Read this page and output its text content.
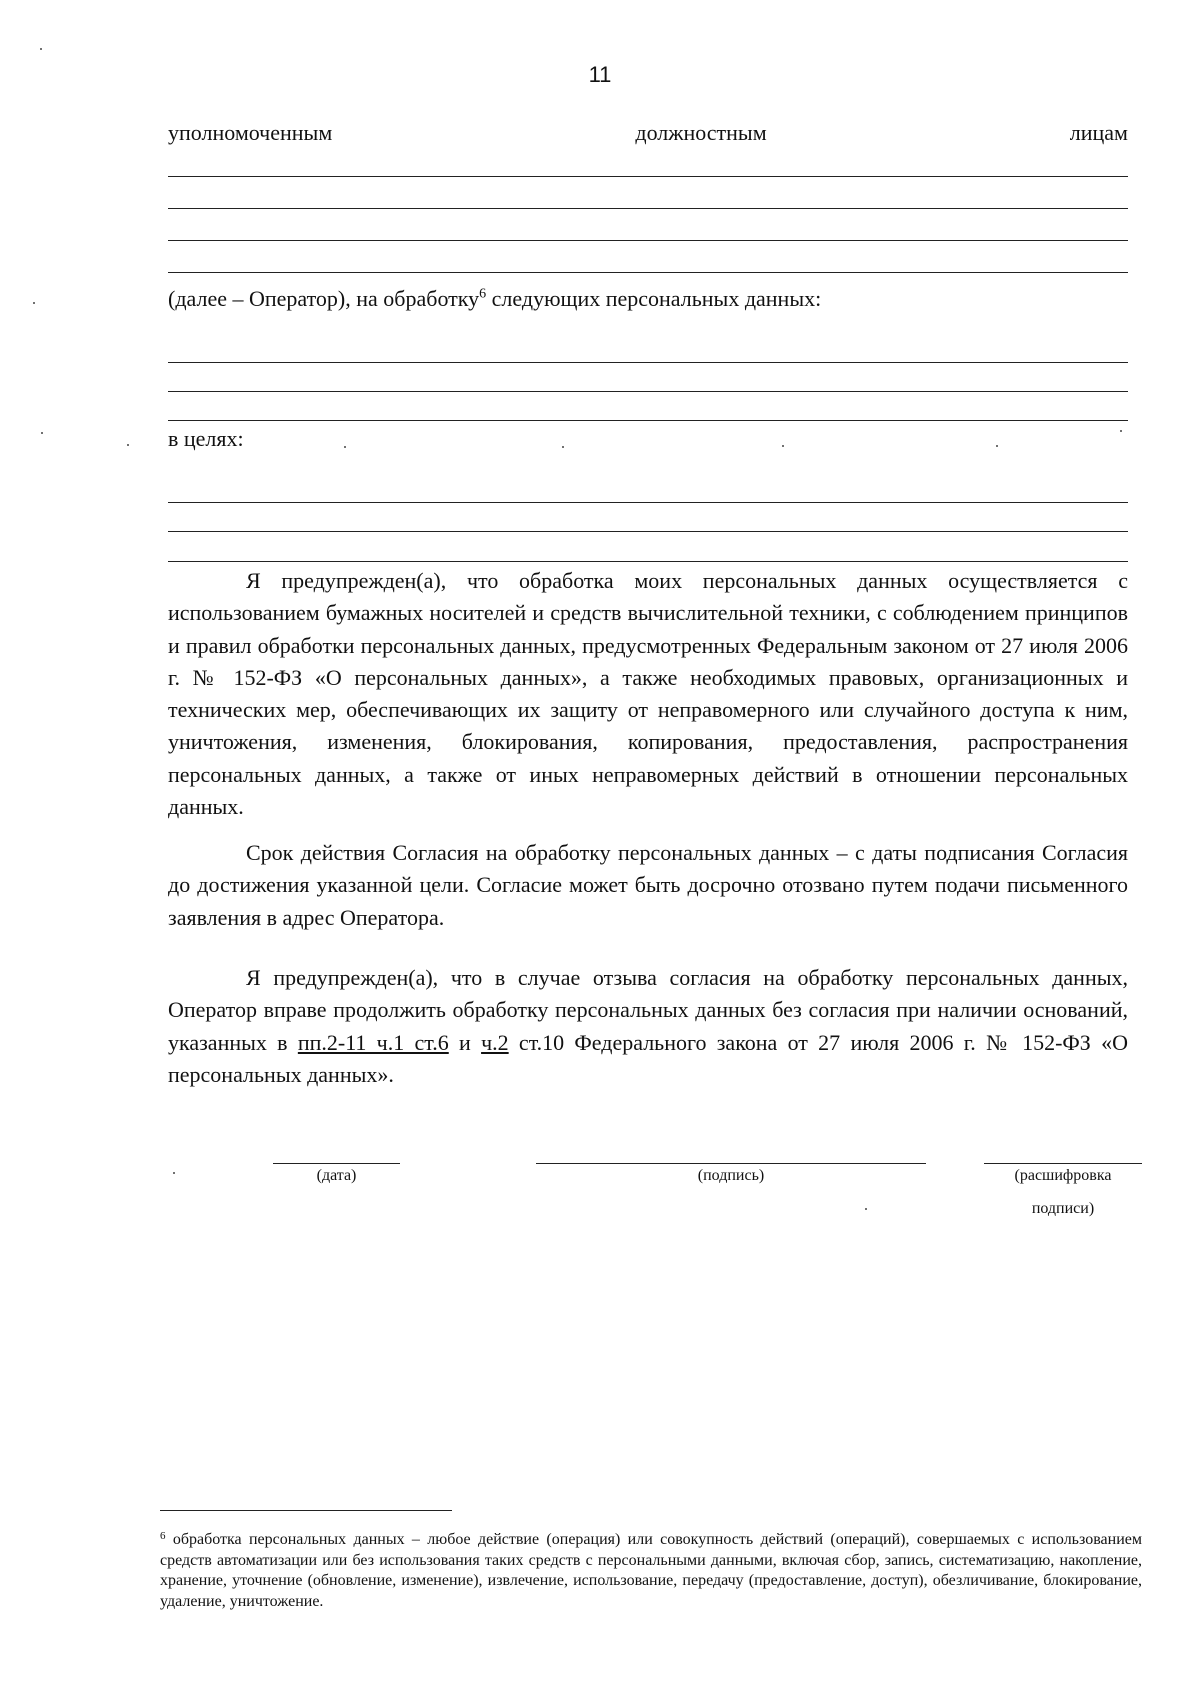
11
уполномоченным	должностным	лицам
(далее – Оператор), на обработку$^6$ следующих персональных данных:
в целях:
Я предупрежден(а), что обработка моих персональных данных осуществляется с использованием бумажных носителей и средств вычислительной техники, с соблюдением принципов и правил обработки персональных данных, предусмотренных Федеральным законом от 27 июля 2006 г. № 152-ФЗ «О персональных данных», а также необходимых правовых, организационных и технических мер, обеспечивающих их защиту от неправомерного или случайного доступа к ним, уничтожения, изменения, блокирования, копирования, предоставления, распространения персональных данных, а также от иных неправомерных действий в отношении персональных данных.
Срок действия Согласия на обработку персональных данных – с даты подписания Согласия до достижения указанной цели. Согласие может быть досрочно отозвано путем подачи письменного заявления в адрес Оператора.
Я предупрежден(а), что в случае отзыва согласия на обработку персональных данных, Оператор вправе продолжить обработку персональных данных без согласия при наличии оснований, указанных в пп.2-11 ч.1 ст.6 и ч.2 ст.10 Федерального закона от 27 июля 2006 г. № 152-ФЗ «О персональных данных».
(дата)	(подпись)	(расшифровка
подписи)
$^6$ обработка персональных данных – любое действие (операция) или совокупность действий (операций), совершаемых с использованием средств автоматизации или без использования таких средств с персональными данными, включая сбор, запись, систематизацию, накопление, хранение, уточнение (обновление, изменение), извлечение, использование, передачу (предоставление, доступ), обезличивание, блокирование, удаление, уничтожение.
